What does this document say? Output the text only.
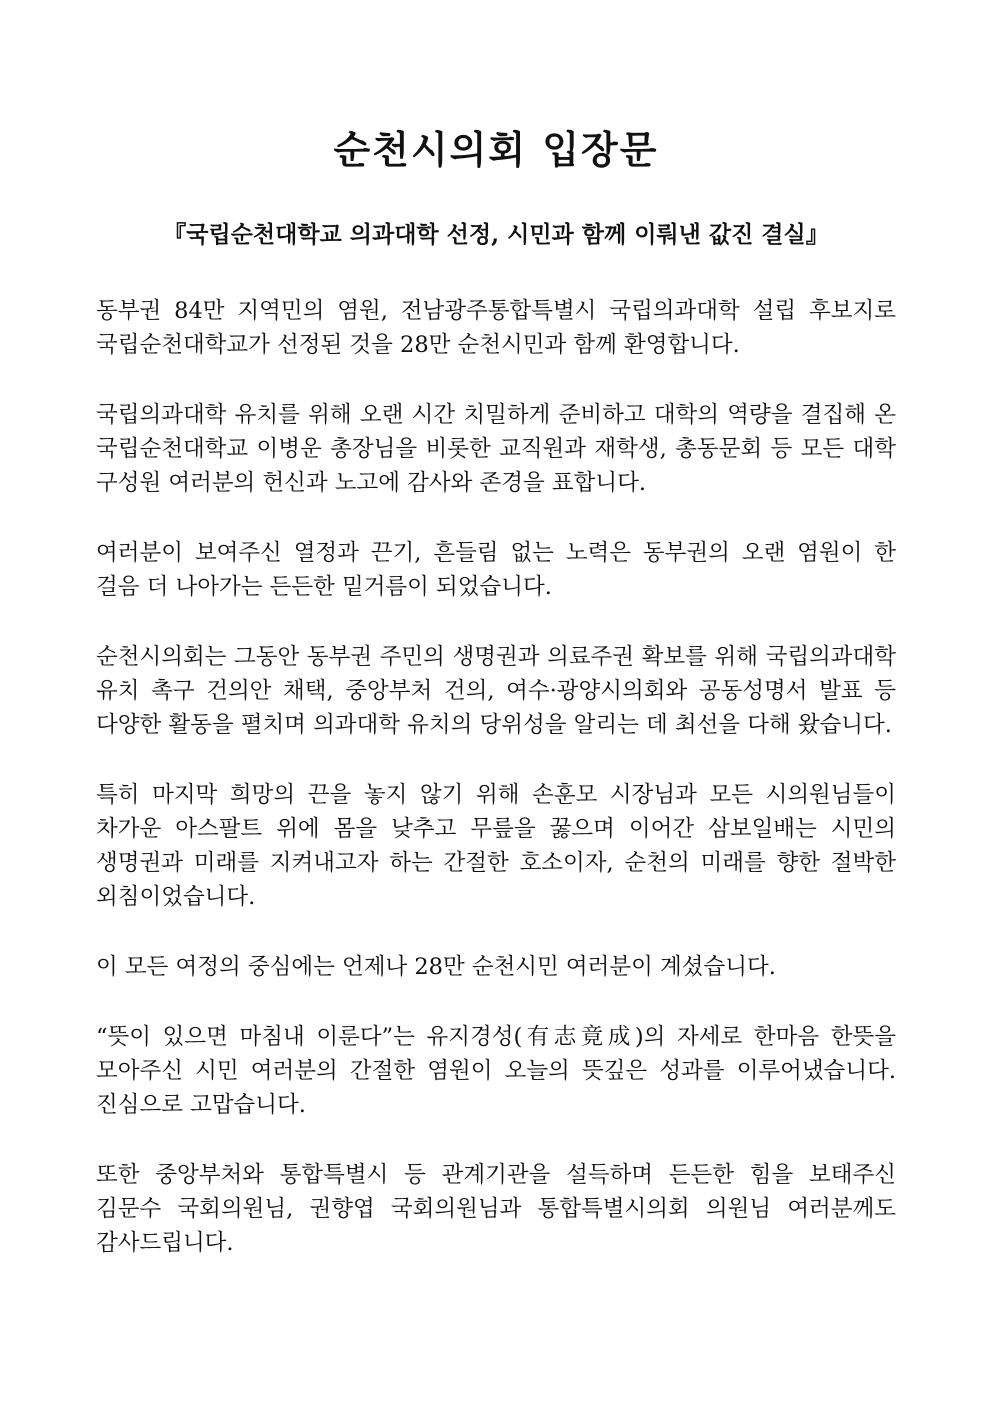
순천시의회 입장문
『국립순천대학교 의과대학 선정, 시민과 함께 이뤄낸 값진 결실』

동부권 84만 지역민의 염원, 전남광주통합특별시 국립의과대학 설립 후보지로 국립순천대학교가 선정된 것을 28만 순천시민과 함께 환영합니다.

국립의과대학 유치를 위해 오랜 시간 치밀하게 준비하고 대학의 역량을 결집해 온 국립순천대학교 이병운 총장님을 비롯한 교직원과 재학생, 총동문회 등 모든 대학 구성원 여러분의 헌신과 노고에 감사와 존경을 표합니다.

여러분이 보여주신 열정과 끈기, 흔들림 없는 노력은 동부권의 오랜 염원이 한 걸음 더 나아가는 든든한 밑거름이 되었습니다.

순천시의회는 그동안 동부권 주민의 생명권과 의료주권 확보를 위해 국립의과대학 유치 촉구 건의안 채택, 중앙부처 건의, 여수·광양시의회와 공동성명서 발표 등 다양한 활동을 펼치며 의과대학 유치의 당위성을 알리는 데 최선을 다해 왔습니다.

특히 마지막 희망의 끈을 놓지 않기 위해 손훈모 시장님과 모든 시의원님들이 차가운 아스팔트 위에 몸을 낮추고 무릎을 꿇으며 이어간 삼보일배는 시민의 생명권과 미래를 지켜내고자 하는 간절한 호소이자, 순천의 미래를 향한 절박한 외침이었습니다.

이 모든 여정의 중심에는 언제나 28만 순천시민 여러분이 계셨습니다.

“뜻이 있으면 마침내 이룬다”는 유지경성(有志竟成)의 자세로 한마음 한뜻을 모아주신 시민 여러분의 간절한 염원이 오늘의 뜻깊은 성과를 이루어냈습니다. 진심으로 고맙습니다.

또한 중앙부처와 통합특별시 등 관계기관을 설득하며 든든한 힘을 보태주신 김문수 국회의원님, 권향엽 국회의원님과 통합특별시의회 의원님 여러분께도 감사드립니다.
